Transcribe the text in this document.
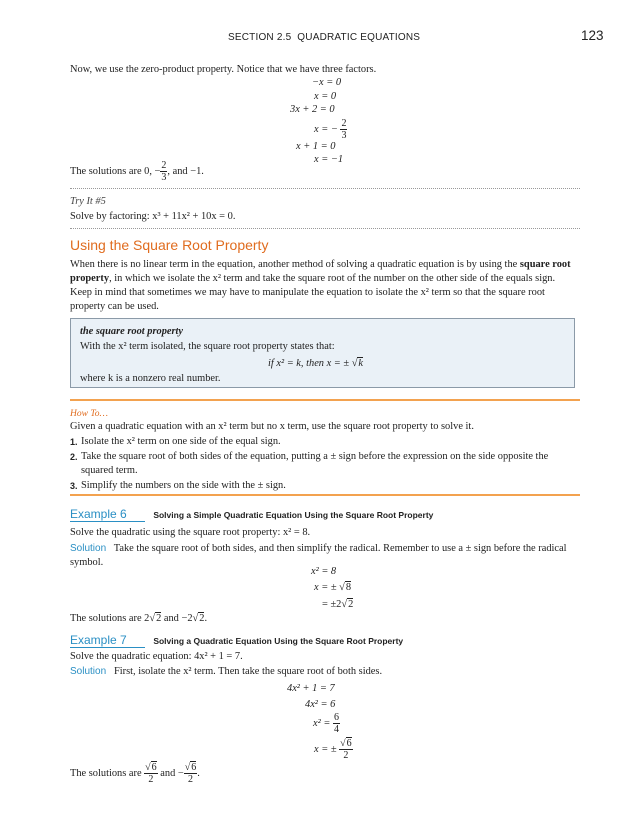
SECTION 2.5 QUADRATIC EQUATIONS	123
Now, we use the zero-product property. Notice that we have three factors.
−x = 0
x = 0
3x + 2 = 0
x = − $\frac{2}{3}$
x + 1 = 0
x = −1
The solutions are 0, − $\frac{2}{3}$ , and −1.
Try It #5
Solve by factoring: x³ + 11x² + 10x = 0.
Using the Square Root Property
When there is no linear term in the equation, another method of solving a quadratic equation is by using the square root property, in which we isolate the x² term and take the square root of the number on the other side of the equals sign. Keep in mind that sometimes we may have to manipulate the equation to isolate the x² term so that the square root property can be used.
the square root property
With the x² term isolated, the square root property states that:
if x² = k, then x = ± √k
where k is a nonzero real number.
How To…
Given a quadratic equation with an x² term but no x term, use the square root property to solve it.
1. Isolate the x² term on one side of the equal sign.
2. Take the square root of both sides of the equation, putting a ± sign before the expression on the side opposite the squared term.
3. Simplify the numbers on the side with the ± sign.
Example 6	Solving a Simple Quadratic Equation Using the Square Root Property
Solve the quadratic using the square root property: x² = 8.
Solution Take the square root of both sides, and then simplify the radical. Remember to use a ± sign before the radical symbol.
x² = 8
x = ± √8
= ±2√2
The solutions are 2√2 and −2√2.
Example 7	Solving a Quadratic Equation Using the Square Root Property
Solve the quadratic equation: 4x² + 1 = 7.
Solution First, isolate the x² term. Then take the square root of both sides.
4x² + 1 = 7
4x² = 6
$x^2 = \frac{6}{4}$
x = ± $\frac{√6}{2}$
The solutions are $\frac{√6}{2}$ and − $\frac{√6}{2}$ .
